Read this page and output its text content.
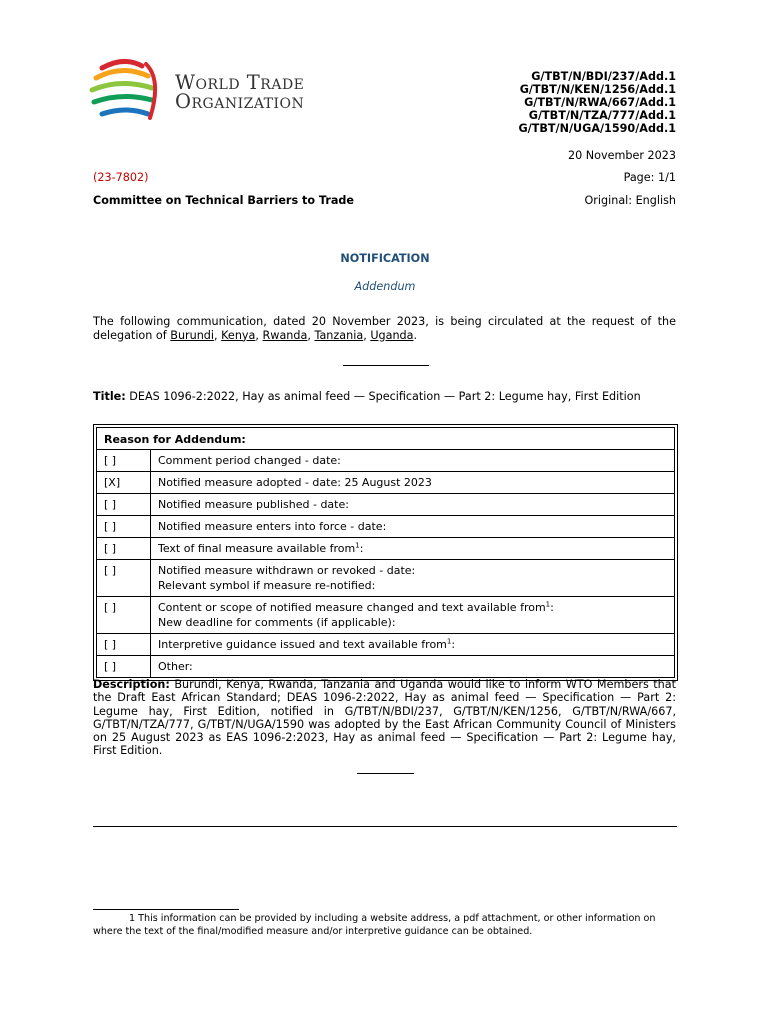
World Trade
Organization
G/TBT/N/BDI/237/Add.1
G/TBT/N/KEN/1256/Add.1
G/TBT/N/RWA/667/Add.1
G/TBT/N/TZA/777/Add.1
G/TBT/N/UGA/1590/Add.1
20 November 2023
(23-7802)	Page: 1/1
Committee on Technical Barriers to Trade	Original: English
NOTIFICATION
Addendum
The following communication, dated 20 November 2023, is being circulated at the request of the delegation of Burundi, Kenya, Rwanda, Tanzania, Uganda.
Title: DEAS 1096-2:2022, Hay as animal feed — Specification — Part 2: Legume hay, First Edition
Reason for Addendum:	
[ ]	Comment period changed - date:
[X]	Notified measure adopted - date: 25 August 2023
[ ]	Notified measure published - date:
[ ]	Notified measure enters into force - date:
[ ]	Text of final measure available from$^1$:
[ ]	Notified measure withdrawn or revoked - date:
Relevant symbol if measure re-notified:
[ ]	Content or scope of notified measure changed and text available from$^1$:
New deadline for comments (if applicable):
[ ]	Interpretive guidance issued and text available from$^1$:
[ ]	Other:
Description: Burundi, Kenya, Rwanda, Tanzania and Uganda would like to inform WTO Members that the Draft East African Standard; DEAS 1096-2:2022, Hay as animal feed — Specification — Part 2: Legume hay, First Edition, notified in G/TBT/N/BDI/237, G/TBT/N/KEN/1256, G/TBT/N/RWA/667, G/TBT/N/TZA/777, G/TBT/N/UGA/1590 was adopted by the East African Community Council of Ministers on 25 August 2023 as EAS 1096-2:2023, Hay as animal feed — Specification — Part 2: Legume hay, First Edition.
1 This information can be provided by including a website address, a pdf attachment, or other information on where the text of the final/modified measure and/or interpretive guidance can be obtained.
